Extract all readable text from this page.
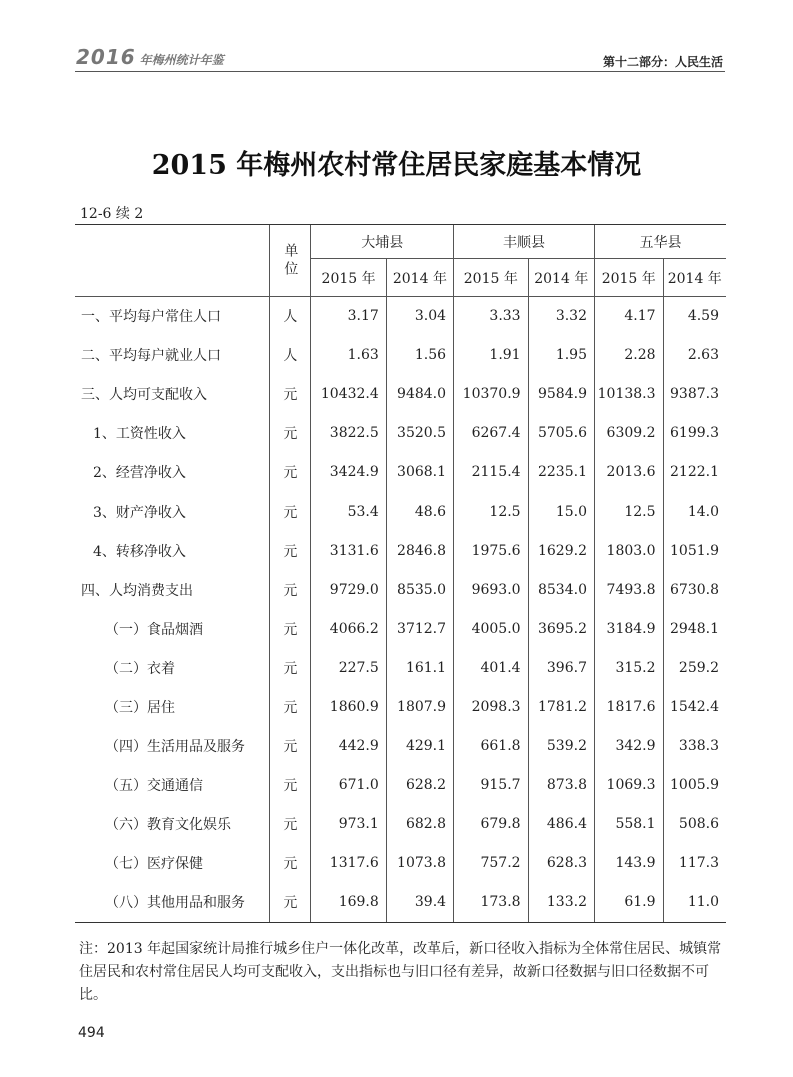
2016 年梅州统计年鉴	第十二部分：人民生活
2015 年梅州农村常住居民家庭基本情况
12-6 续 2
	单位	大埔县		丰顺县		五华县	
		2015 年	2014 年	2015 年	2014 年	2015 年	2014 年
一、平均每户常住人口	人	3.17	3.04	3.33	3.32	4.17	4.59
二、平均每户就业人口	人	1.63	1.56	1.91	1.95	2.28	2.63
三、人均可支配收入	元	10432.4	9484.0	10370.9	9584.9	10138.3	9387.3
1、工资性收入	元	3822.5	3520.5	6267.4	5705.6	6309.2	6199.3
2、经营净收入	元	3424.9	3068.1	2115.4	2235.1	2013.6	2122.1
3、财产净收入	元	53.4	48.6	12.5	15.0	12.5	14.0
4、转移净收入	元	3131.6	2846.8	1975.6	1629.2	1803.0	1051.9
四、人均消费支出	元	9729.0	8535.0	9693.0	8534.0	7493.8	6730.8
（一）食品烟酒	元	4066.2	3712.7	4005.0	3695.2	3184.9	2948.1
（二）衣着	元	227.5	161.1	401.4	396.7	315.2	259.2
（三）居住	元	1860.9	1807.9	2098.3	1781.2	1817.6	1542.4
（四）生活用品及服务	元	442.9	429.1	661.8	539.2	342.9	338.3
（五）交通通信	元	671.0	628.2	915.7	873.8	1069.3	1005.9
（六）教育文化娱乐	元	973.1	682.8	679.8	486.4	558.1	508.6
（七）医疗保健	元	1317.6	1073.8	757.2	628.3	143.9	117.3
（八）其他用品和服务	元	169.8	39.4	173.8	133.2	61.9	11.0
注：2013 年起国家统计局推行城乡住户一体化改革，改革后，新口径收入指标为全体常住居民、城镇常住居民和农村常住居民人均可支配收入，支出指标也与旧口径有差异，故新口径数据与旧口径数据不可比。
494
